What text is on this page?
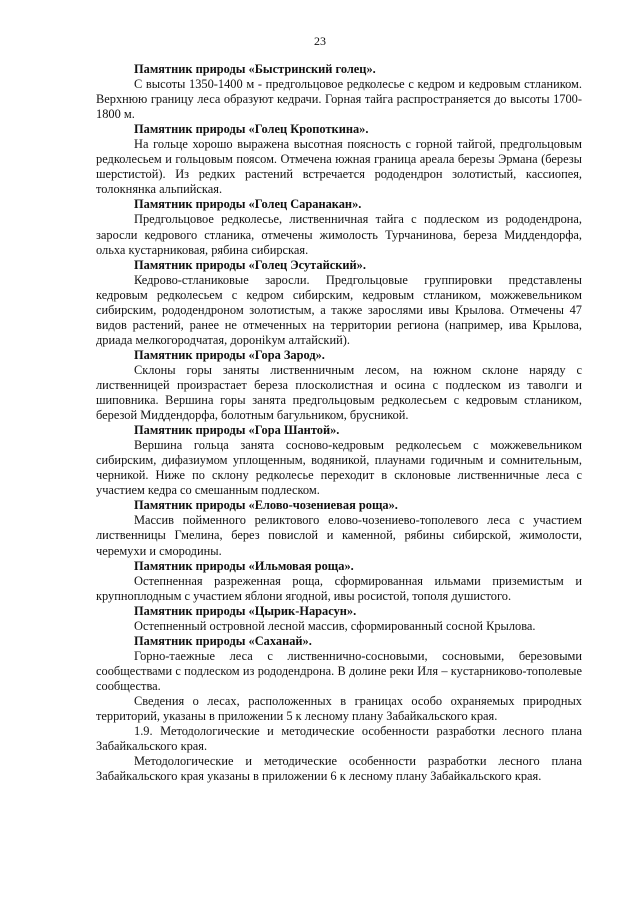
23
Памятник природы «Быстринский голец».

С высоты 1350-1400 м - предгольцовое редколесье с кедром и кедровым стлаником. Верхнюю границу леса образуют кедрачи. Горная тайга распространяется до высоты 1700-1800 м.

Памятник природы «Голец Кропоткина».

На гольце хорошо выражена высотная поясность с горной тайгой, предгольцовым редколесьем и гольцовым поясом. Отмечена южная граница ареала березы Эрмана (березы шерстистой). Из редких растений встречается рододендрон золотистый, кассиопея, толокнянка альпийская.

Памятник природы «Голец Саранакан».

Предгольцовое редколесье, лиственничная тайга с подлеском из рододендрона, заросли кедрового стланика, отмечены жимолость Турчанинова, береза Миддендорфа, ольха кустарниковая, рябина сибирская.

Памятник природы «Голец Эсутайский».

Кедрово-стланиковые заросли. Предгольцовые группировки представлены кедровым редколесьем с кедром сибирским, кедровым стлаником, можжевельником сибирским, рододендроном золотистым, а также зарослями ивы Крылова. Отмечены 47 видов растений, ранее не отмеченных на территории региона (например, ива Крылова, дриада мелкогородчатая, доронikум алтайский).

Памятник природы «Гора Зарод».

Склоны горы заняты лиственничным лесом, на южном склоне наряду с лиственницей произрастает береза плосколистная и осина с подлеском из таволги и шиповника. Вершина горы занята предгольцовым редколесьем с кедровым стлаником, березой Миддендорфа, болотным багульником, брусникой.

Памятник природы «Гора Шантой».

Вершина гольца занята сосново-кедровым редколесьем с можжевельником сибирским, дифазиумом уплощенным, водяникой, плаунами годичным и сомнительным, черникой. Ниже по склону редколесье переходит в склоновые лиственничные леса с участием кедра со смешанным подлеском.

Памятник природы «Елово-чозениевая роща».

Массив пойменного реликтового елово-чозениево-тополевого леса с участием лиственницы Гмелина, берез повислой и каменной, рябины сибирской, жимолости, черемухи и смородины.

Памятник природы «Ильмовая роща».

Остепненная разреженная роща, сформированная ильмами приземистым и крупноплодным с участием яблони ягодной, ивы росистой, тополя душистого.

Памятник природы «Цырик-Нарасун».

Остепненный островной лесной массив, сформированный сосной Крылова.

Памятник природы «Саханай».

Горно-таежные леса с лиственнично-сосновыми, сосновыми, березовыми сообществами с подлеском из рододендрона. В долине реки Иля – кустарниково-тополевые сообщества.

Сведения о лесах, расположенных в границах особо охраняемых природных территорий, указаны в приложении 5 к лесному плану Забайкальского края.

1.9. Методологические и методические особенности разработки лесного плана Забайкальского края.

Методологические и методические особенности разработки лесного плана Забайкальского края указаны в приложении 6 к лесному плану Забайкальского края.
